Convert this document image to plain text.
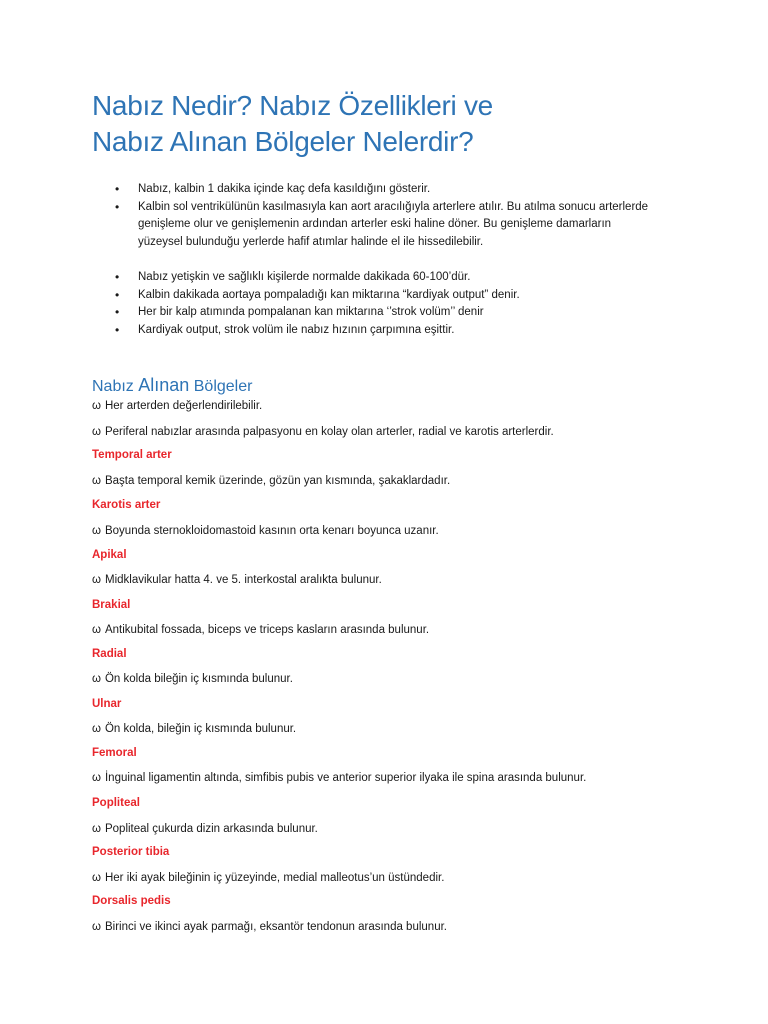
Nabız Nedir? Nabız Özellikleri ve
Nabız Alınan Bölgeler Nelerdir?
• Nabız, kalbin 1 dakika içinde kaç defa kasıldığını gösterir.
• Kalbin sol ventrikülünün kasılmasıyla kan aort aracılığıyla arterlere atılır. Bu atılma sonucu arterlerde genişleme olur ve genişlemenin ardından arterler eski haline döner. Bu genişleme damarların yüzeysel bulunduğu yerlerde hafif atımlar halinde el ile hissedilebilir.
• Nabız yetişkin ve sağlıklı kişilerde normalde dakikada 60-100’dür.
• Kalbin dakikada aortaya pompaladığı kan miktarına “kardiyak output” denir.
• Her bir kalp atımında pompalanan kan miktarına ‘’strok volüm’’ denir
• Kardiyak output, strok volüm ile nabız hızının çarpımına eşittir.
Nabız Alınan Bölgeler

ω Her arterden değerlendirilebilir.

ω Periferal nabızlar arasında palpasyonu en kolay olan arterler, radial ve karotis arterlerdir.

Temporal arter

ω Başta temporal kemik üzerinde, gözün yan kısmında, şakaklardadır.

Karotis arter

ω Boyunda sternokloidomastoid kasının orta kenarı boyunca uzanır.

Apikal

ω Midklavikular hatta 4. ve 5. interkostal aralıkta bulunur.

Brakial

ω Antikubital fossada, biceps ve triceps kasların arasında bulunur.

Radial

ω Ön kolda bileğin iç kısmında bulunur.

Ulnar

ω Ön kolda, bileğin iç kısmında bulunur.

Femoral

ω İnguinal ligamentin altında, simfibis pubis ve anterior superior ilyaka ile spina arasında bulunur.

Popliteal

ω Popliteal çukurda dizin arkasında bulunur.

Posterior tibia

ω Her iki ayak bileğinin iç yüzeyinde, medial malleotus’un üstündedir.

Dorsalis pedis

ω Birinci ve ikinci ayak parmağı, eksantör tendonun arasında bulunur.
